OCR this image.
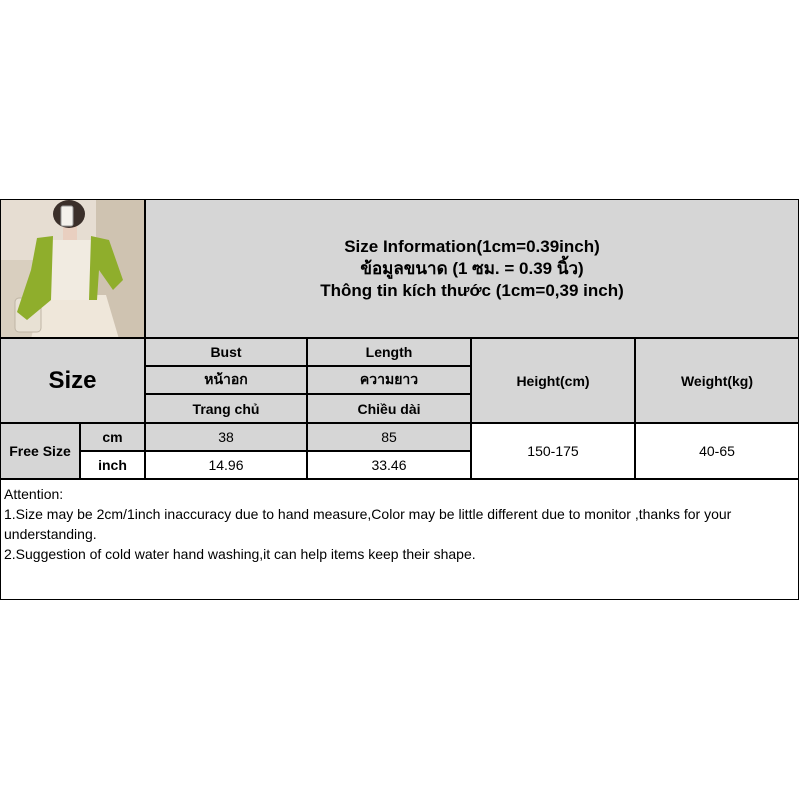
Size Information(1cm=0.39inch)
ข้อมูลขนาด (1 ซม. = 0.39 นิ้ว)
Thông tin kích thước (1cm=0,39 inch)
Size
Bust
หน้าอก
Trang chủ
Length
ความยาว
Chiều dài
Height(cm)	Weight(kg)
Free Size
cm
inch
38
14.96
85
33.46
150-175	40-65
Attention:
1.Size may be 2cm/1inch inaccuracy due to hand measure,Color may be little different due to monitor ,thanks for your understanding.
2.Suggestion of cold water hand washing,it can help items keep their shape.
